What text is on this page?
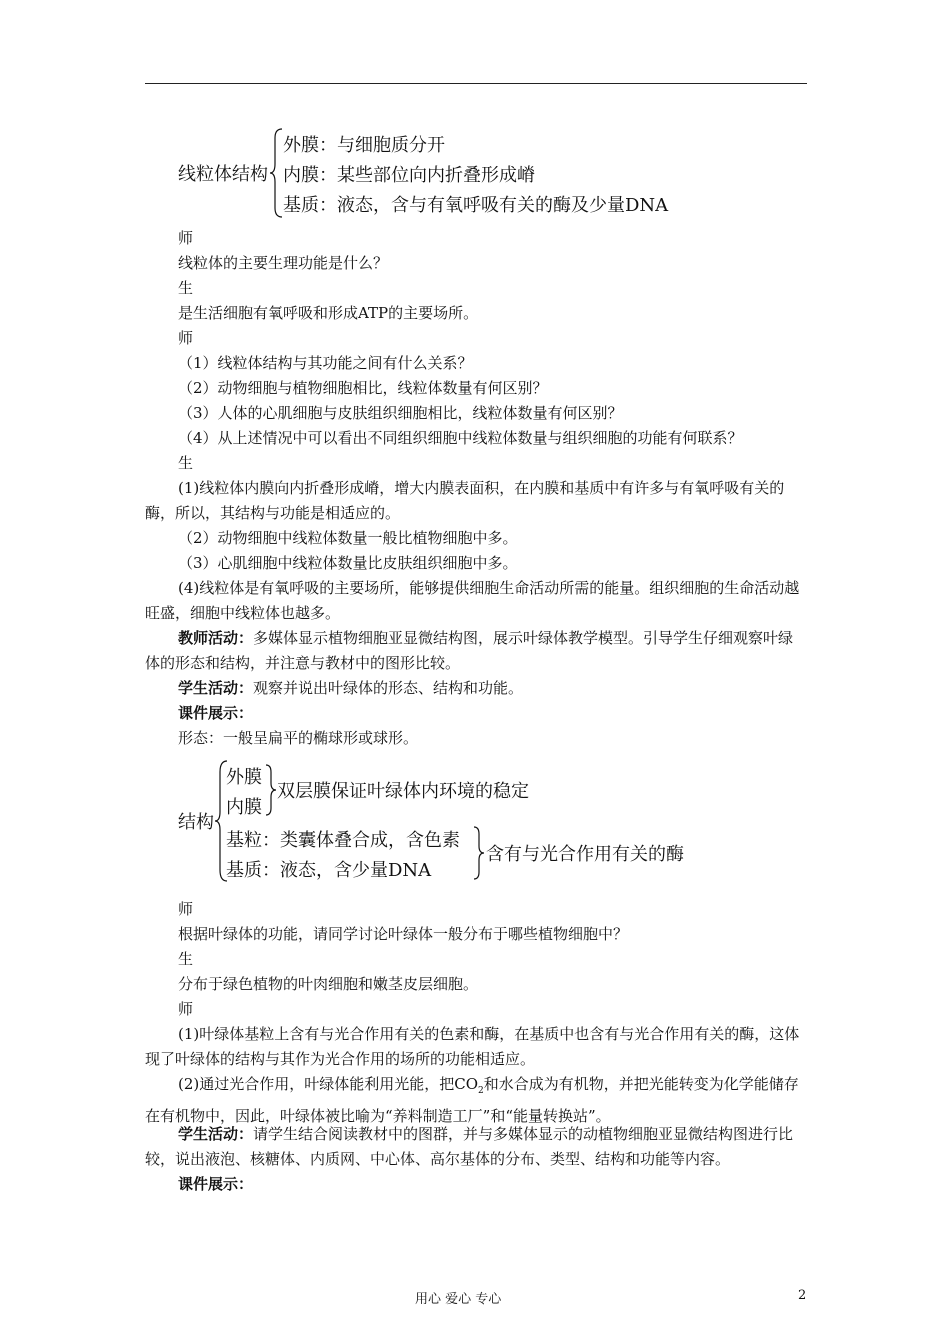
线粒体结构
外膜：与细胞质分开
内膜：某些部位向内折叠形成嵴
基质：液态，含与有氧呼吸有关的酶及少量DNA
师
线粒体的主要生理功能是什么？
生
是生活细胞有氧呼吸和形成ATP的主要场所。
师
（1）线粒体结构与其功能之间有什么关系？
（2）动物细胞与植物细胞相比，线粒体数量有何区别？
（3）人体的心肌细胞与皮肤组织细胞相比，线粒体数量有何区别？
（4）从上述情况中可以看出不同组织细胞中线粒体数量与组织细胞的功能有何联系？
生
(1)线粒体内膜向内折叠形成嵴，增大内膜表面积，在内膜和基质中有许多与有氧呼吸有关的酶，所以，其结构与功能是相适应的。
（2）动物细胞中线粒体数量一般比植物细胞中多。
（3）心肌细胞中线粒体数量比皮肤组织细胞中多。
(4)线粒体是有氧呼吸的主要场所，能够提供细胞生命活动所需的能量。组织细胞的生命活动越旺盛，细胞中线粒体也越多。
教师活动：多媒体显示植物细胞亚显微结构图，展示叶绿体教学模型。引导学生仔细观察叶绿体的形态和结构，并注意与教材中的图形比较。
学生活动：观察并说出叶绿体的形态、结构和功能。
课件展示：
形态：一般呈扁平的椭球形或球形。
结构
外膜
内膜
双层膜保证叶绿体内环境的稳定
基粒：类囊体叠合成，含色素
基质：液态，含少量DNA
含有与光合作用有关的酶
师
根据叶绿体的功能，请同学讨论叶绿体一般分布于哪些植物细胞中？
生
分布于绿色植物的叶肉细胞和嫩茎皮层细胞。
师
(1)叶绿体基粒上含有与光合作用有关的色素和酶，在基质中也含有与光合作用有关的酶，这体现了叶绿体的结构与其作为光合作用的场所的功能相适应。
(2)通过光合作用，叶绿体能利用光能，把$CO_2$和水合成为有机物，并把光能转变为化学能储存在有机物中，因此，叶绿体被比喻为“养料制造工厂”和“能量转换站”。
学生活动：请学生结合阅读教材中的图群，并与多媒体显示的动植物细胞亚显微结构图进行比较，说出液泡、核糖体、内质网、中心体、高尔基体的分布、类型、结构和功能等内容。
课件展示：
用心 爱心 专心	2
